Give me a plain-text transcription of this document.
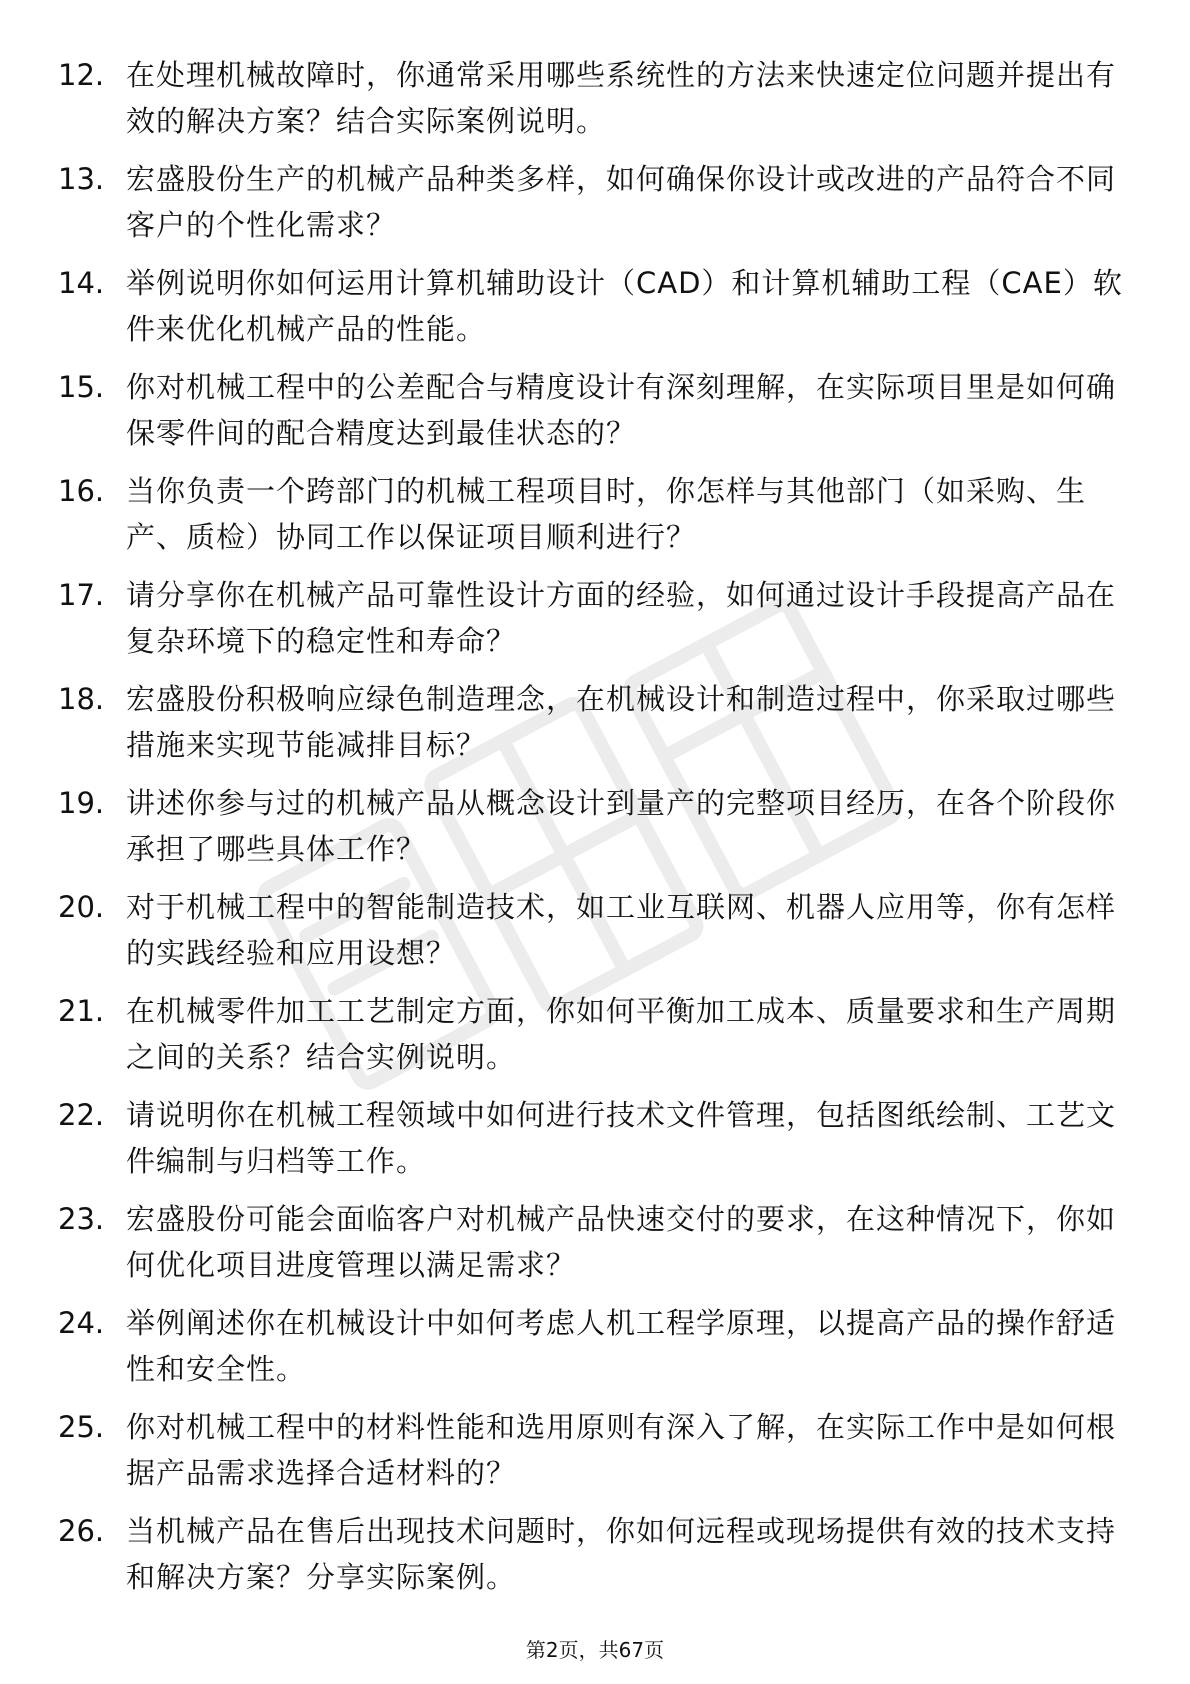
12. 在处理机械故障时，你通常采用哪些系统性的方法来快速定位问题并提出有效的解决方案？结合实际案例说明。
13. 宏盛股份生产的机械产品种类多样，如何确保你设计或改进的产品符合不同客户的个性化需求？
14. 举例说明你如何运用计算机辅助设计（CAD）和计算机辅助工程（CAE）软件来优化机械产品的性能。
15. 你对机械工程中的公差配合与精度设计有深刻理解，在实际项目里是如何确保零件间的配合精度达到最佳状态的？
16. 当你负责一个跨部门的机械工程项目时，你怎样与其他部门（如采购、生产、质检）协同工作以保证项目顺利进行？
17. 请分享你在机械产品可靠性设计方面的经验，如何通过设计手段提高产品在复杂环境下的稳定性和寿命？
18. 宏盛股份积极响应绿色制造理念，在机械设计和制造过程中，你采取过哪些措施来实现节能减排目标？
19. 讲述你参与过的机械产品从概念设计到量产的完整项目经历，在各个阶段你承担了哪些具体工作？
20. 对于机械工程中的智能制造技术，如工业互联网、机器人应用等，你有怎样的实践经验和应用设想？
21. 在机械零件加工工艺制定方面，你如何平衡加工成本、质量要求和生产周期之间的关系？结合实例说明。
22. 请说明你在机械工程领域中如何进行技术文件管理，包括图纸绘制、工艺文件编制与归档等工作。
23. 宏盛股份可能会面临客户对机械产品快速交付的要求，在这种情况下，你如何优化项目进度管理以满足需求？
24. 举例阐述你在机械设计中如何考虑人机工程学原理，以提高产品的操作舒适性和安全性。
25. 你对机械工程中的材料性能和选用原则有深入了解，在实际工作中是如何根据产品需求选择合适材料的？
26. 当机械产品在售后出现技术问题时，你如何远程或现场提供有效的技术支持和解决方案？分享实际案例。
第2页，共67页
